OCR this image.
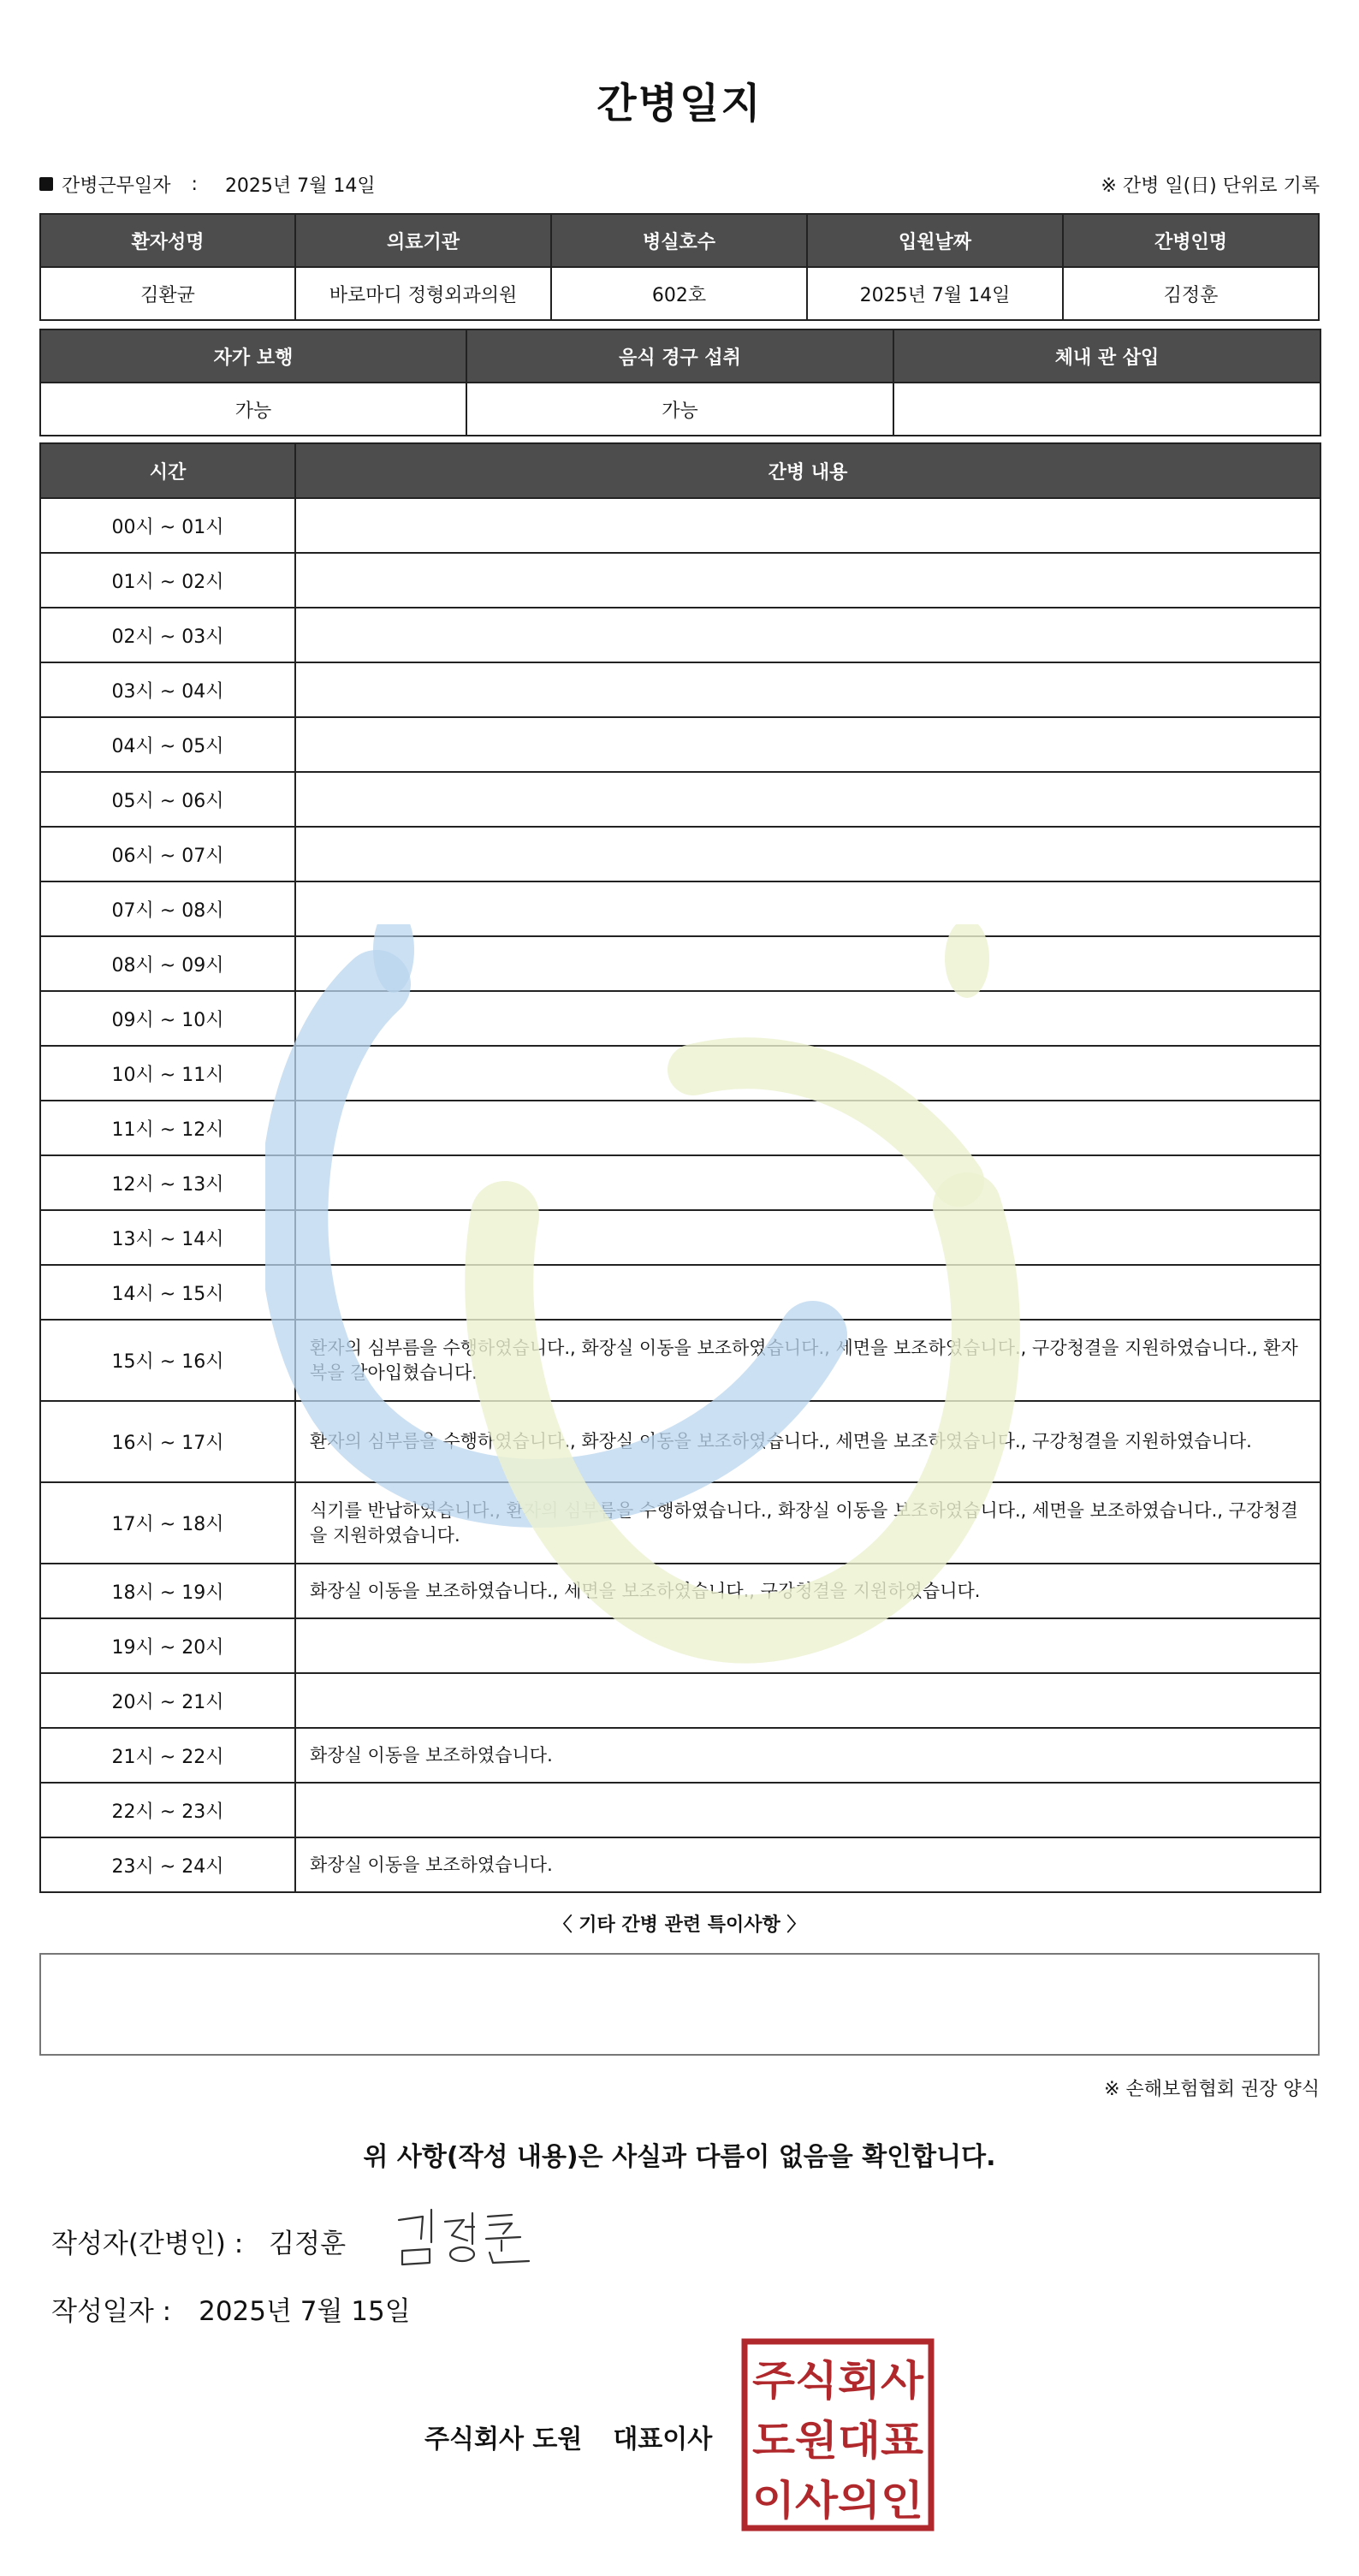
간병일지
간병근무일자 : 2025년 7월 14일	※ 간병 일(日) 단위로 기록
환자성명	의료기관	병실호수	입원날짜	간병인명
김환균	바로마디 정형외과의원	602호	2025년 7월 14일	김정훈
자가 보행	음식 경구 섭취	체내 관 삽입
가능	가능	
시간	간병 내용
00시 ~ 01시	
01시 ~ 02시	
02시 ~ 03시	
03시 ~ 04시	
04시 ~ 05시	
05시 ~ 06시	
06시 ~ 07시	
07시 ~ 08시	
08시 ~ 09시	
09시 ~ 10시	
10시 ~ 11시	
11시 ~ 12시	
12시 ~ 13시	
13시 ~ 14시	
14시 ~ 15시	
15시 ~ 16시	환자의 심부름을 수행하였습니다., 화장실 이동을 보조하였습니다., 세면을 보조하였습니다., 구강청결을 지원하였습니다., 환자복을 갈아입혔습니다.
16시 ~ 17시	환자의 심부름을 수행하였습니다., 화장실 이동을 보조하였습니다., 세면을 보조하였습니다., 구강청결을 지원하였습니다.
17시 ~ 18시	식기를 반납하였습니다., 환자의 심부름을 수행하였습니다., 화장실 이동을 보조하였습니다., 세면을 보조하였습니다., 구강청결을 지원하였습니다.
18시 ~ 19시	화장실 이동을 보조하였습니다., 세면을 보조하였습니다., 구강청결을 지원하였습니다.
19시 ~ 20시	
20시 ~ 21시	
21시 ~ 22시	화장실 이동을 보조하였습니다.
22시 ~ 23시	
23시 ~ 24시	화장실 이동을 보조하였습니다.
〈 기타 간병 관련 특이사항 〉
※ 손해보험협회 권장 양식
위 사항(작성 내용)은 사실과 다름이 없음을 확인합니다.
작성자(간병인) : 김정훈
작성일자 : 2025년 7월 15일
주식회사 도원 대표이사
주식회사
도원대표
이사의인
